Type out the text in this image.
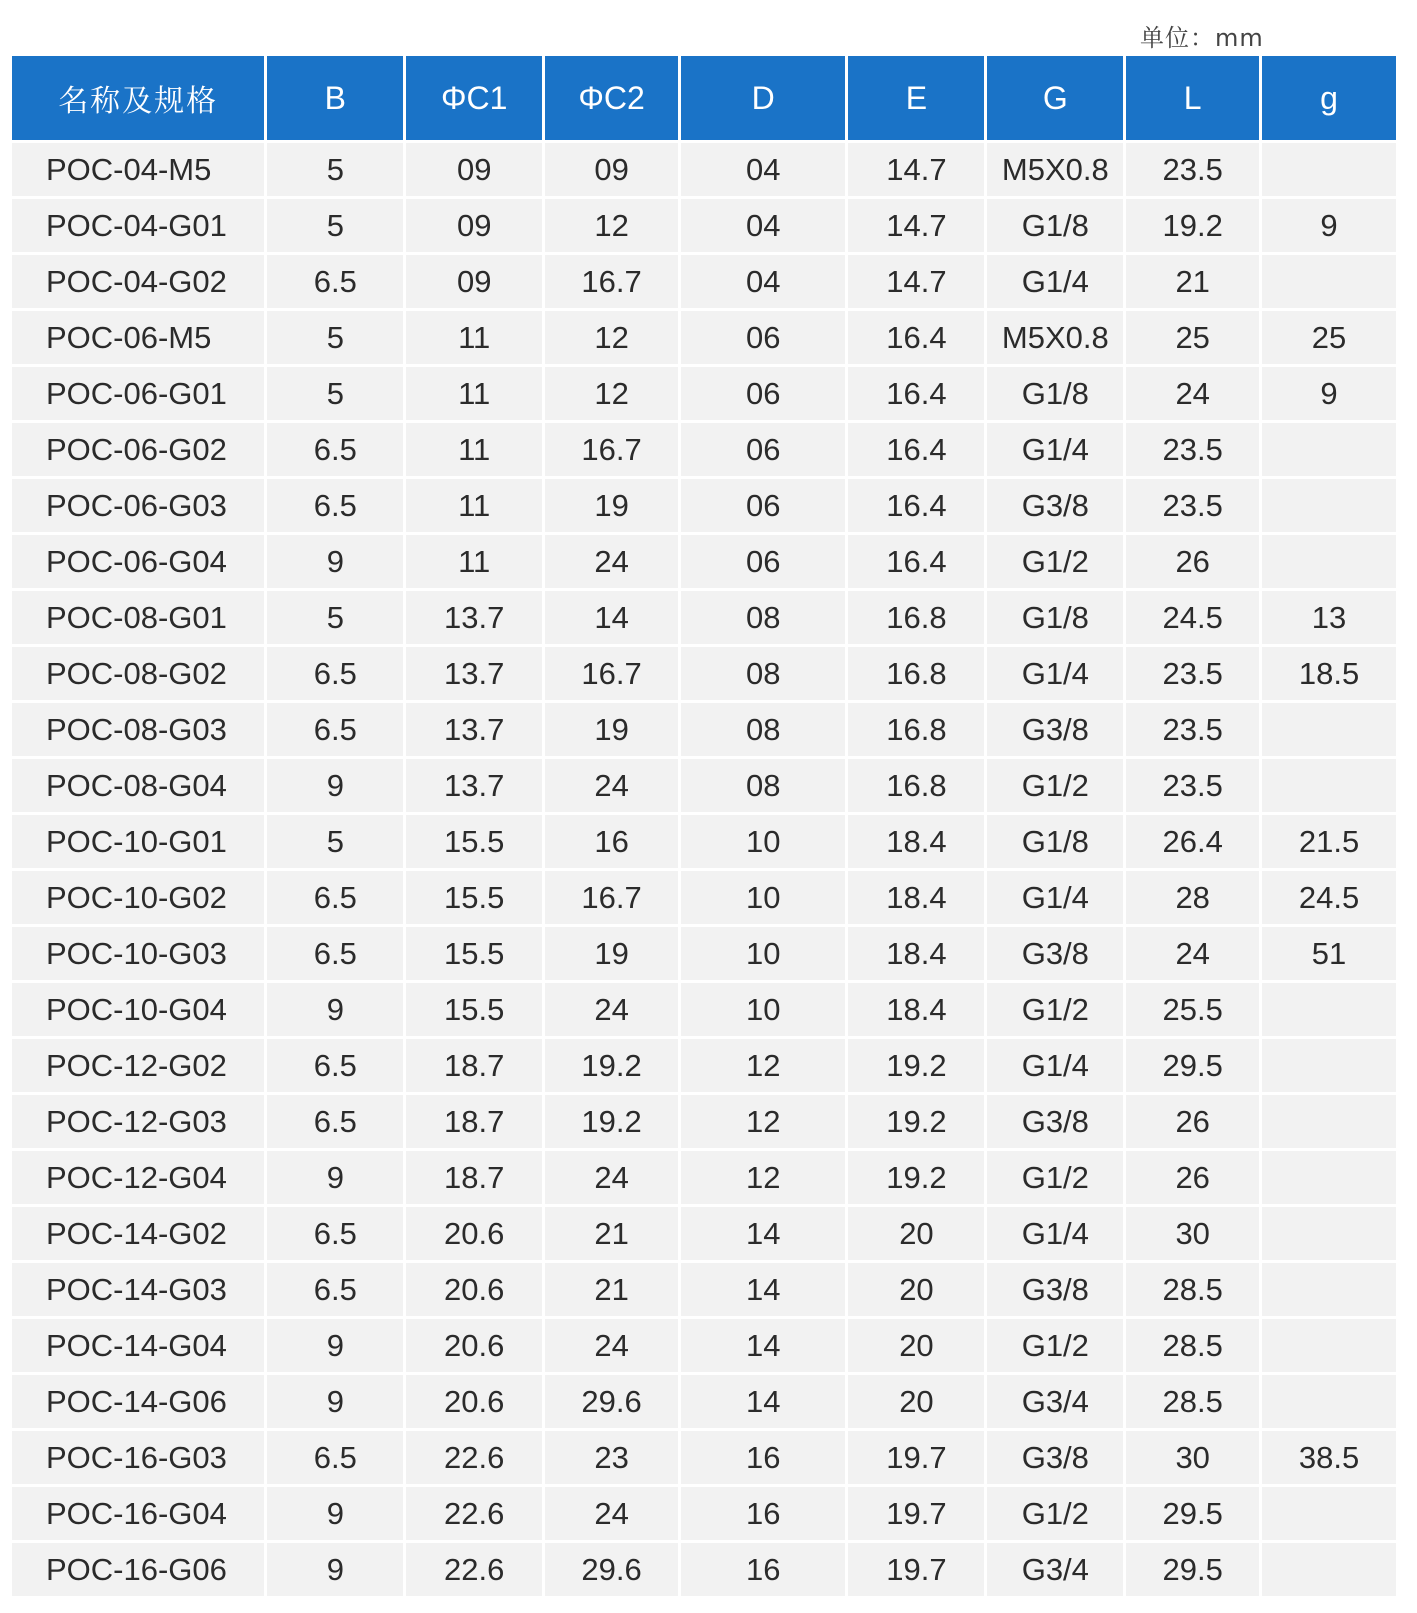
单位：mm
名称及规格	B	ΦC1	ΦC2	D	E	G	L	g
POC-04-M5	5	09	09	04	14.7	M5X0.8	23.5	
POC-04-G01	5	09	12	04	14.7	G1/8	19.2	9
POC-04-G02	6.5	09	16.7	04	14.7	G1/4	21	
POC-06-M5	5	11	12	06	16.4	M5X0.8	25	25
POC-06-G01	5	11	12	06	16.4	G1/8	24	9
POC-06-G02	6.5	11	16.7	06	16.4	G1/4	23.5	
POC-06-G03	6.5	11	19	06	16.4	G3/8	23.5	
POC-06-G04	9	11	24	06	16.4	G1/2	26	
POC-08-G01	5	13.7	14	08	16.8	G1/8	24.5	13
POC-08-G02	6.5	13.7	16.7	08	16.8	G1/4	23.5	18.5
POC-08-G03	6.5	13.7	19	08	16.8	G3/8	23.5	
POC-08-G04	9	13.7	24	08	16.8	G1/2	23.5	
POC-10-G01	5	15.5	16	10	18.4	G1/8	26.4	21.5
POC-10-G02	6.5	15.5	16.7	10	18.4	G1/4	28	24.5
POC-10-G03	6.5	15.5	19	10	18.4	G3/8	24	51
POC-10-G04	9	15.5	24	10	18.4	G1/2	25.5	
POC-12-G02	6.5	18.7	19.2	12	19.2	G1/4	29.5	
POC-12-G03	6.5	18.7	19.2	12	19.2	G3/8	26	
POC-12-G04	9	18.7	24	12	19.2	G1/2	26	
POC-14-G02	6.5	20.6	21	14	20	G1/4	30	
POC-14-G03	6.5	20.6	21	14	20	G3/8	28.5	
POC-14-G04	9	20.6	24	14	20	G1/2	28.5	
POC-14-G06	9	20.6	29.6	14	20	G3/4	28.5	
POC-16-G03	6.5	22.6	23	16	19.7	G3/8	30	38.5
POC-16-G04	9	22.6	24	16	19.7	G1/2	29.5	
POC-16-G06	9	22.6	29.6	16	19.7	G3/4	29.5	
